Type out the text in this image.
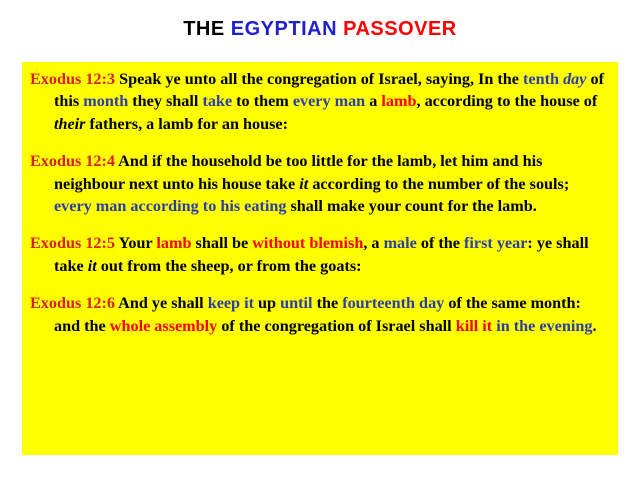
THE EGYPTIAN PASSOVER
Exodus 12:3 Speak ye unto all the congregation of Israel, saying, In the tenth day of this month they shall take to them every man a lamb, according to the house of their fathers, a lamb for an house:
Exodus 12:4 And if the household be too little for the lamb, let him and his neighbour next unto his house take it according to the number of the souls; every man according to his eating shall make your count for the lamb.
Exodus 12:5 Your lamb shall be without blemish, a male of the first year: ye shall take it out from the sheep, or from the goats:
Exodus 12:6 And ye shall keep it up until the fourteenth day of the same month: and the whole assembly of the congregation of Israel shall kill it in the evening.
